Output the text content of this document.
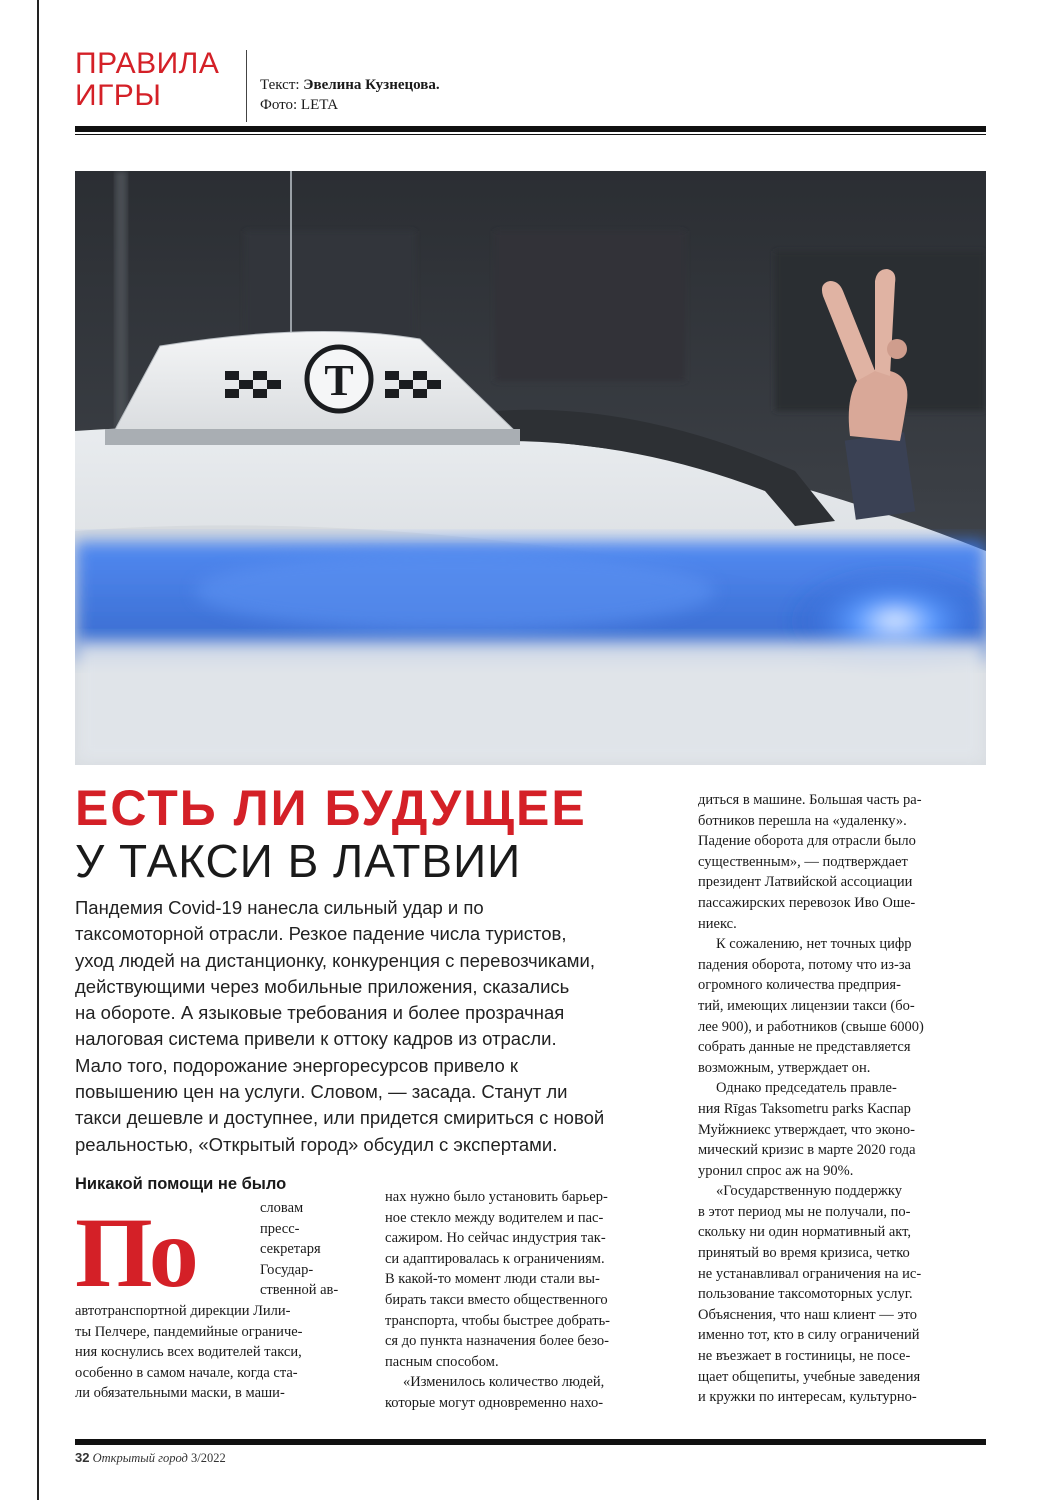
ПРАВИЛА
ИГРЫ	Текст: Эвелина Кузнецова.
Фото: LETA
Т
ЕСТЬ ЛИ БУДУЩЕЕ
У ТАКСИ В ЛАТВИИ

Пандемия Covid-19 нанесла сильный удар и по

таксомоторной отрасли. Резкое падение числа туристов,

уход людей на дистанционку, конкуренция с перевозчиками,

действующими через мобильные приложения, сказались

на обороте. А языковые требования и более прозрачная

налоговая система привели к оттоку кадров из отрасли.

Мало того, подорожание энергоресурсов привело к

повышению цен на услуги. Словом, — засада. Станут ли

такси дешевле и доступнее, или придется смириться с новой

реальностью, «Открытый город» обсудил с экспертами.

Никакой помощи не было
По	словам

пресс-

секретаря

Государ-

ственной ав-

автотранспортной дирекции Лили-

ты Пелчере, пандемийные ограниче-

ния коснулись всех водителей такси,

особенно в самом начале, когда ста-

ли обязательными маски, в маши-

нах нужно было установить барьер-

ное стекло между водителем и пас-

сажиром. Но сейчас индустрия так-

си адаптировалась к ограничениям.

В какой-то момент люди стали вы-

бирать такси вместо общественного

транспорта, чтобы быстрее добрать-

ся до пункта назначения более безо-

пасным способом.

«Изменилось количество людей,

которые могут одновременно нахо-

диться в машине. Большая часть ра-

ботников перешла на «удаленку».

Падение оборота для отрасли было

существенным», — подтверждает

президент Латвийской ассоциации

пассажирских перевозок Иво Оше-

ниекс.

К сожалению, нет точных цифр

падения оборота, потому что из-за

огромного количества предприя-

тий, имеющих лицензии такси (бо-

лее 900), и работников (свыше 6000)

собрать данные не представляется

возможным, утверждает он.

Однако председатель правле-

ния Rīgas Taksometru parks Каспар

Муйжниекс утверждает, что эконо-

мический кризис в марте 2020 года

уронил спрос аж на 90%.

«Государственную поддержку

в этот период мы не получали, по-

скольку ни один нормативный акт,

принятый во время кризиса, четко

не устанавливал ограничения на ис-

пользование таксомоторных услуг.

Объяснения, что наш клиент — это

именно тот, кто в силу ограничений

не въезжает в гостиницы, не посе-

щает общепиты, учебные заведения

и кружки по интересам, культурно-

32 Открытый город 3/2022
